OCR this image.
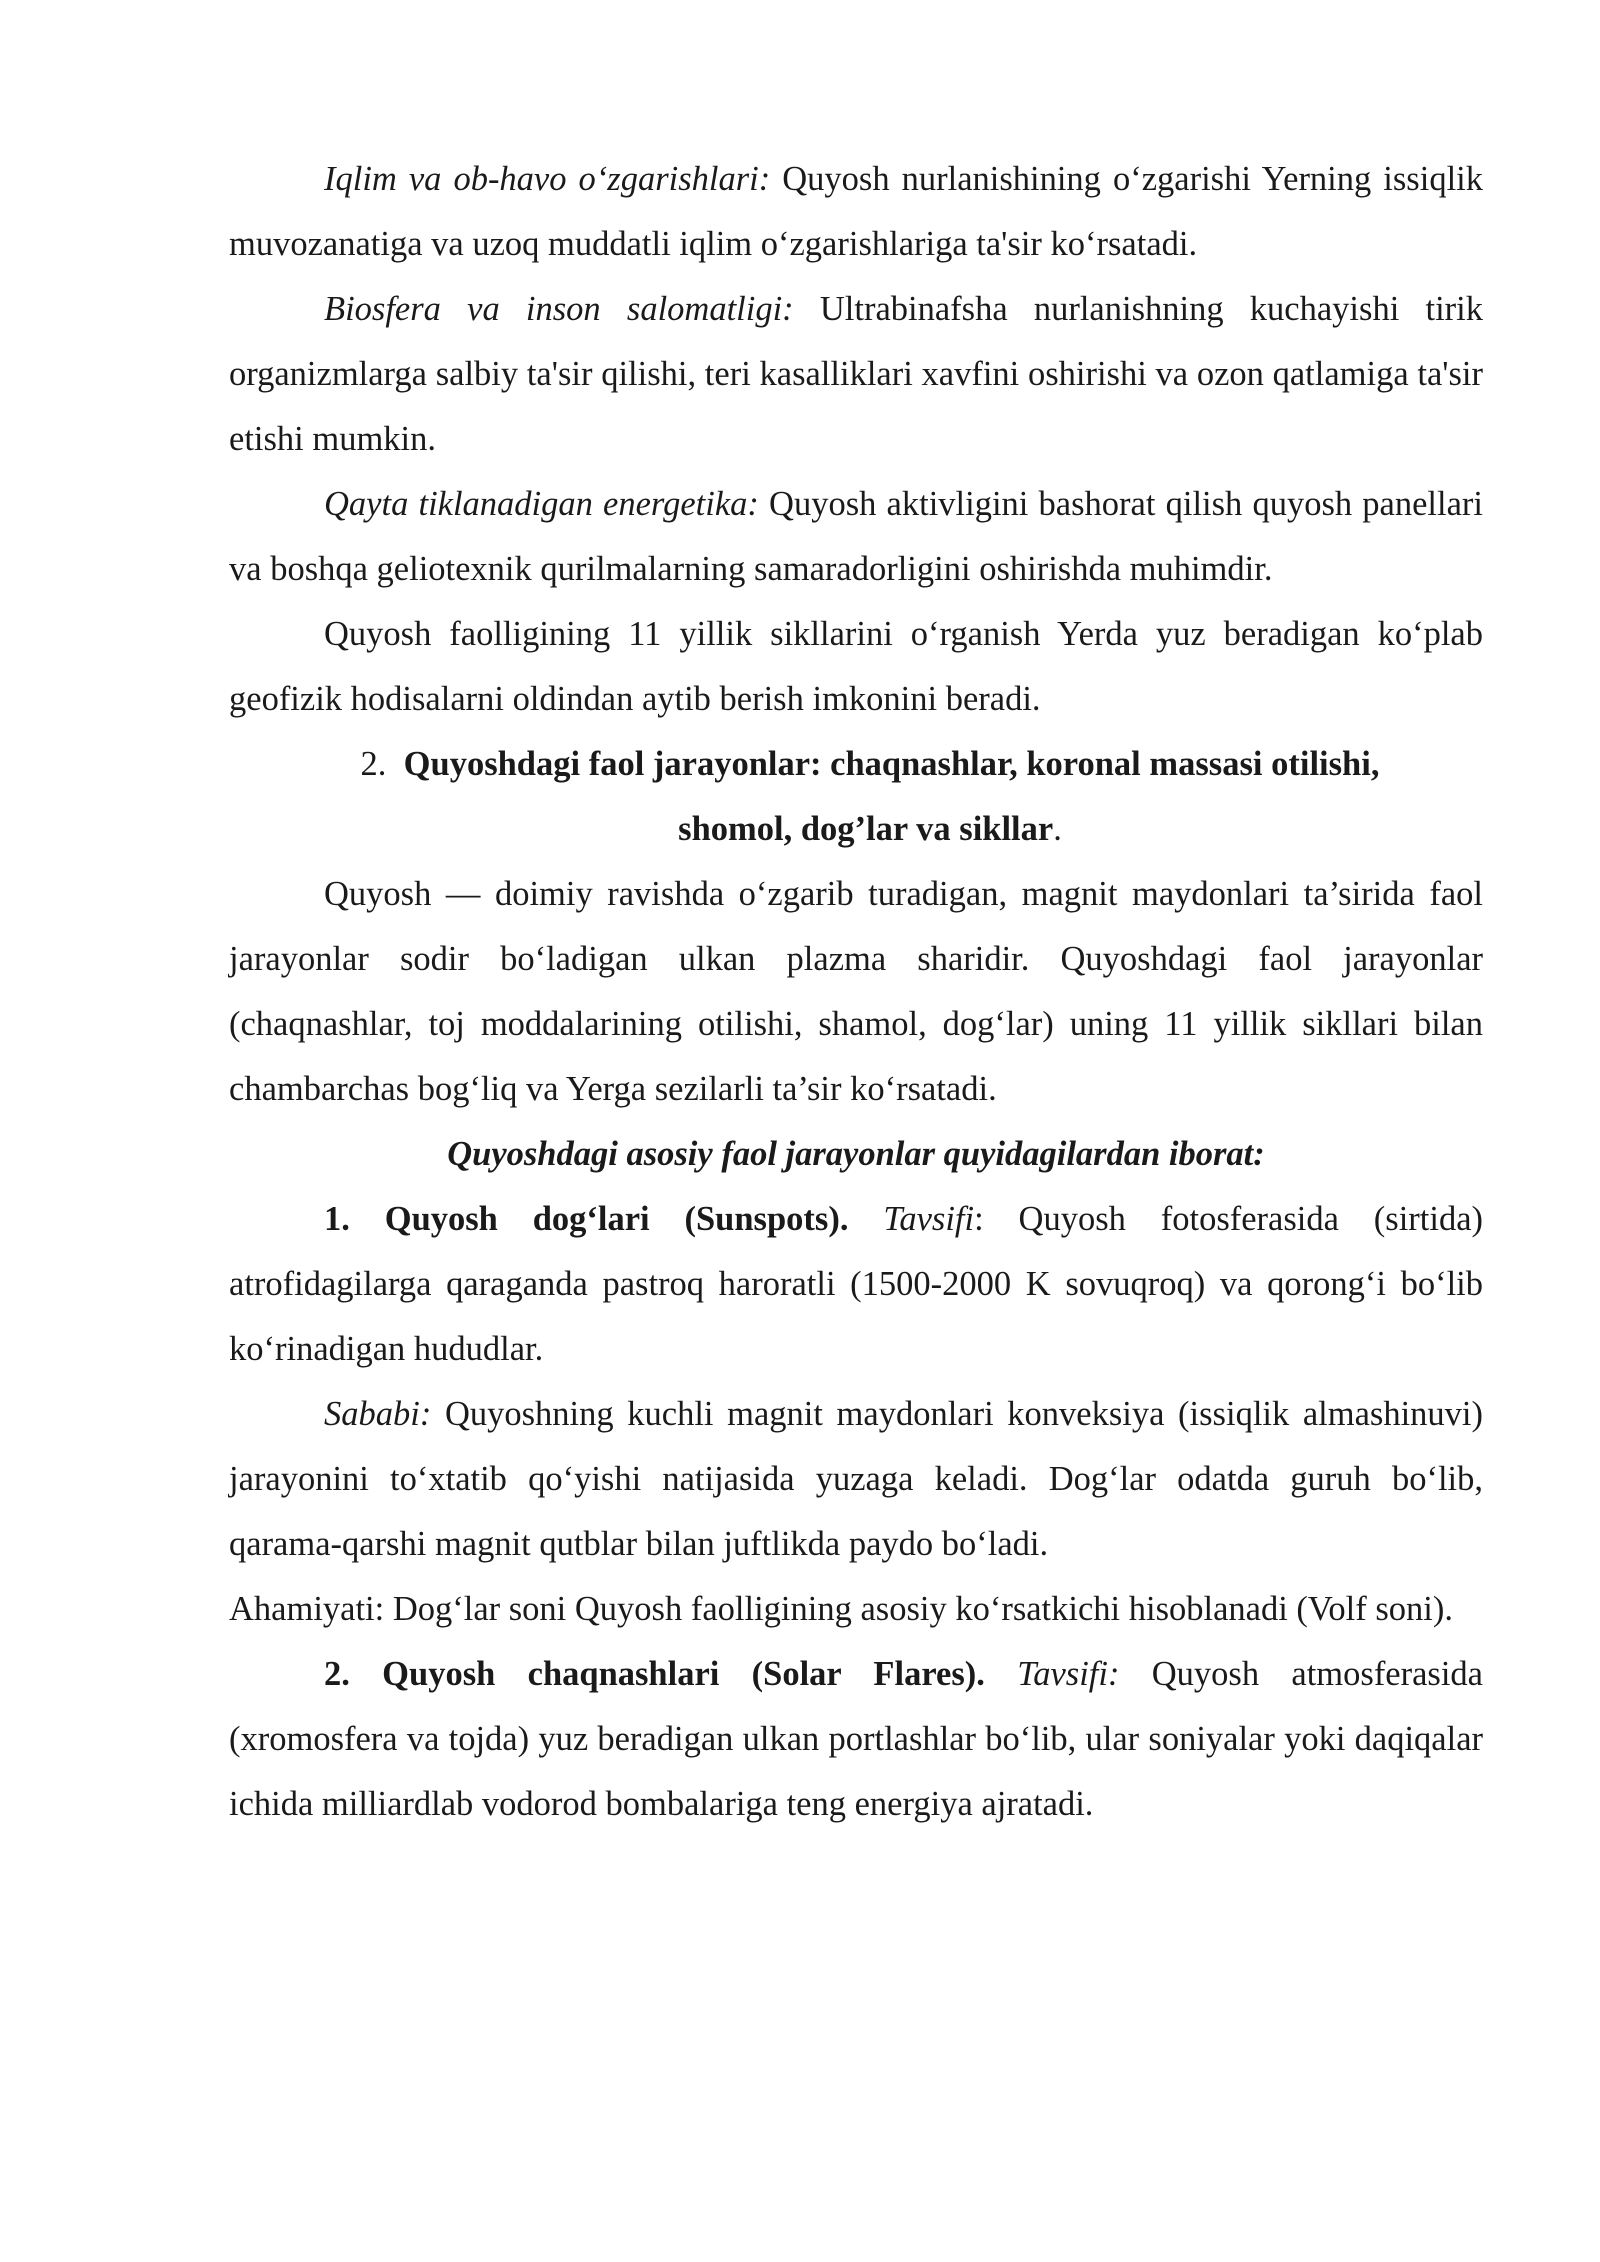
Iqlim va ob-havo o‘zgarishlari: Quyosh nurlanishining o‘zgarishi Yerning issiqlik muvozanatiga va uzoq muddatli iqlim o‘zgarishlariga ta'sir ko‘rsatadi.

Biosfera va inson salomatligi: Ultrabinafsha nurlanishning kuchayishi tirik organizmlarga salbiy ta'sir qilishi, teri kasalliklari xavfini oshirishi va ozon qatlamiga ta'sir etishi mumkin.

Qayta tiklanadigan energetika: Quyosh aktivligini bashorat qilish quyosh panellari va boshqa geliotexnik qurilmalarning samaradorligini oshirishda muhimdir.

Quyosh faolligining 11 yillik sikllarini o‘rganish Yerda yuz beradigan ko‘plab geofizik hodisalarni oldindan aytib berish imkonini beradi.

2. Quyoshdagi faol jarayonlar: chaqnashlar, koronal massasi otilishi,
shomol, dog’lar va sikllar.

Quyosh — doimiy ravishda o‘zgarib turadigan, magnit maydonlari ta’sirida faol jarayonlar sodir bo‘ladigan ulkan plazma sharidir. Quyoshdagi faol jarayonlar (chaqnashlar, toj moddalarining otilishi, shamol, dog‘lar) uning 11 yillik sikllari bilan chambarchas bog‘liq va Yerga sezilarli ta’sir ko‘rsatadi.

Quyoshdagi asosiy faol jarayonlar quyidagilardan iborat:

1. Quyosh dog‘lari (Sunspots). Tavsifi: Quyosh fotosferasida (sirtida) atrofidagilarga qaraganda pastroq haroratli (1500-2000 K sovuqroq) va qorong‘i bo‘lib ko‘rinadigan hududlar.

Sababi: Quyoshning kuchli magnit maydonlari konveksiya (issiqlik almashinuvi) jarayonini to‘xtatib qo‘yishi natijasida yuzaga keladi. Dog‘lar odatda guruh bo‘lib, qarama-qarshi magnit qutblar bilan juftlikda paydo bo‘ladi.

Ahamiyati: Dog‘lar soni Quyosh faolligining asosiy ko‘rsatkichi hisoblanadi (Volf soni).

2. Quyosh chaqnashlari (Solar Flares). Tavsifi: Quyosh atmosferasida (xromosfera va tojda) yuz beradigan ulkan portlashlar bo‘lib, ular soniyalar yoki daqiqalar ichida milliardlab vodorod bombalariga teng energiya ajratadi.
